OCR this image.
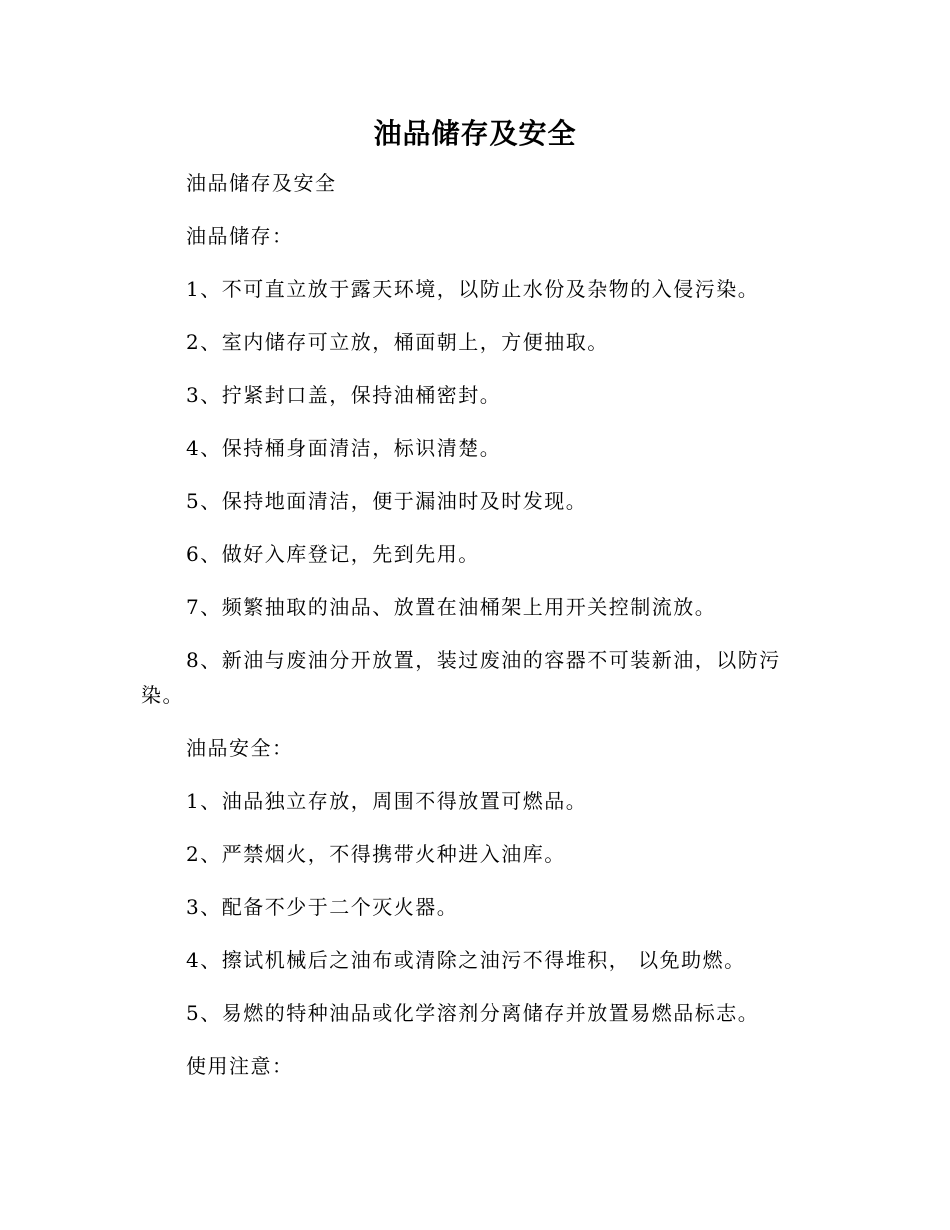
油品储存及安全

油品储存及安全

油品储存：

1、不可直立放于露天环境，以防止水份及杂物的入侵污染。

2、室内储存可立放，桶面朝上，方便抽取。

3、拧紧封口盖，保持油桶密封。

4、保持桶身面清洁，标识清楚。

5、保持地面清洁，便于漏油时及时发现。

6、做好入库登记，先到先用。

7、频繁抽取的油品、放置在油桶架上用开关控制流放。

8、新油与废油分开放置，装过废油的容器不可装新油，以防污染。

油品安全：

1、油品独立存放，周围不得放置可燃品。

2、严禁烟火，不得携带火种进入油库。

3、配备不少于二个灭火器。

4、擦试机械后之油布或清除之油污不得堆积， 以免助燃。

5、易燃的特种油品或化学溶剂分离储存并放置易燃品标志。

使用注意：
